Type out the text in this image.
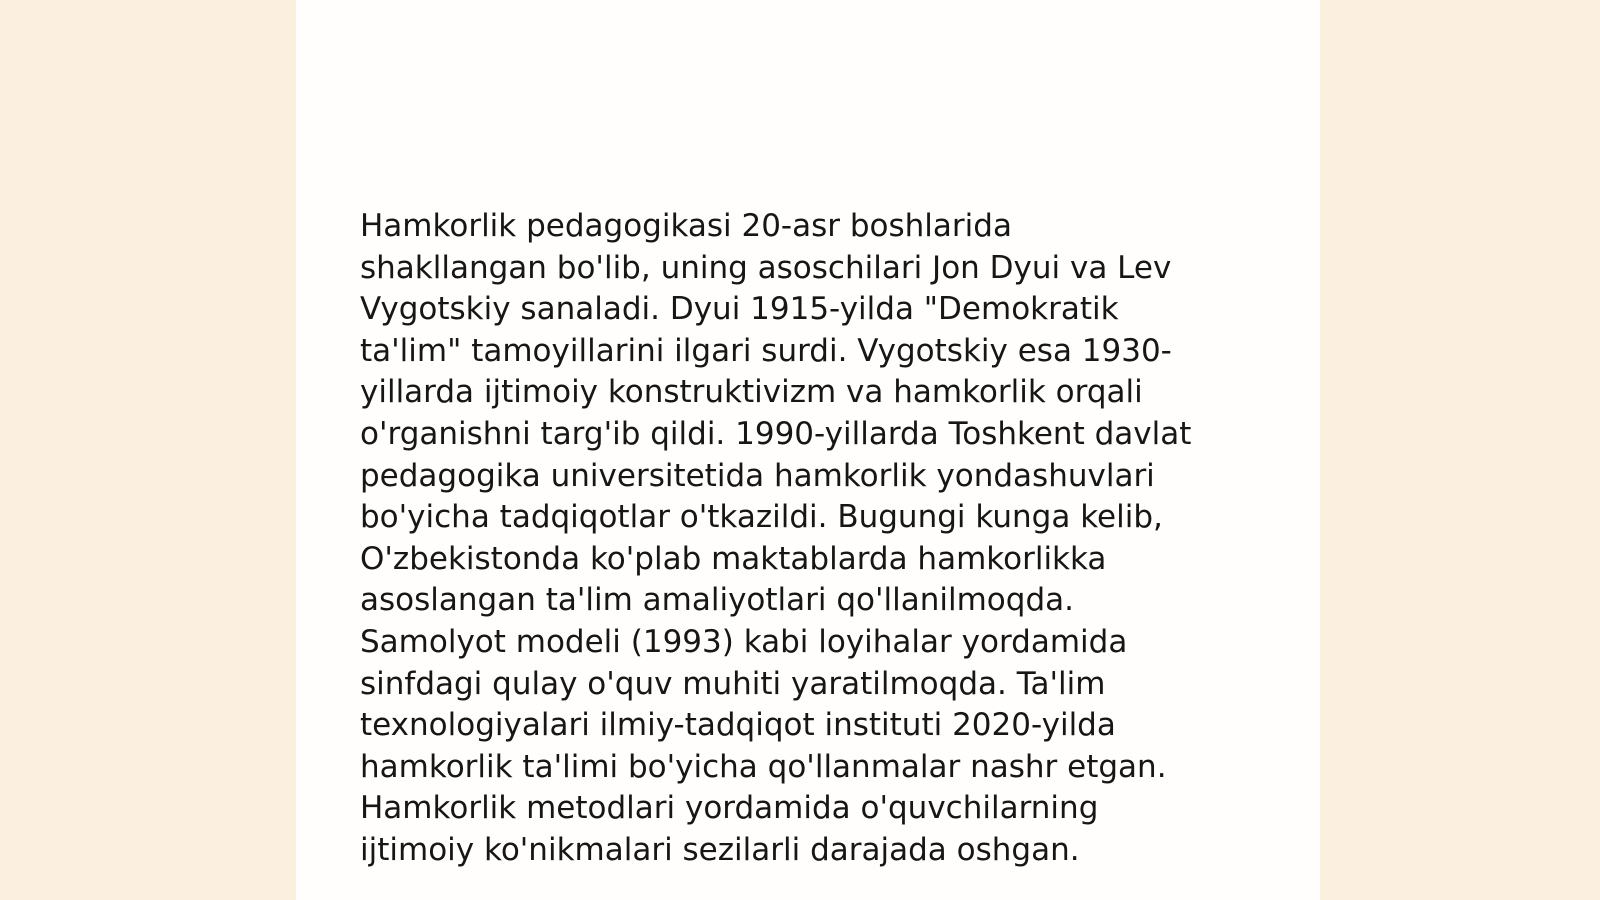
Hamkorlik pedagogikasi 20-asr boshlarida
shakllangan bo'lib, uning asoschilari Jon Dyui va Lev
Vygotskiy sanaladi. Dyui 1915-yilda "Demokratik
ta'lim" tamoyillarini ilgari surdi. Vygotskiy esa 1930-
yillarda ijtimoiy konstruktivizm va hamkorlik orqali
o'rganishni targ'ib qildi. 1990-yillarda Toshkent davlat
pedagogika universitetida hamkorlik yondashuvlari
bo'yicha tadqiqotlar o'tkazildi. Bugungi kunga kelib,
O'zbekistonda ko'plab maktablarda hamkorlikka
asoslangan ta'lim amaliyotlari qo'llanilmoqda.
Samolyot modeli (1993) kabi loyihalar yordamida
sinfdagi qulay o'quv muhiti yaratilmoqda. Ta'lim
texnologiyalari ilmiy-tadqiqot instituti 2020-yilda
hamkorlik ta'limi bo'yicha qo'llanmalar nashr etgan.
Hamkorlik metodlari yordamida o'quvchilarning
ijtimoiy ko'nikmalari sezilarli darajada oshgan.
